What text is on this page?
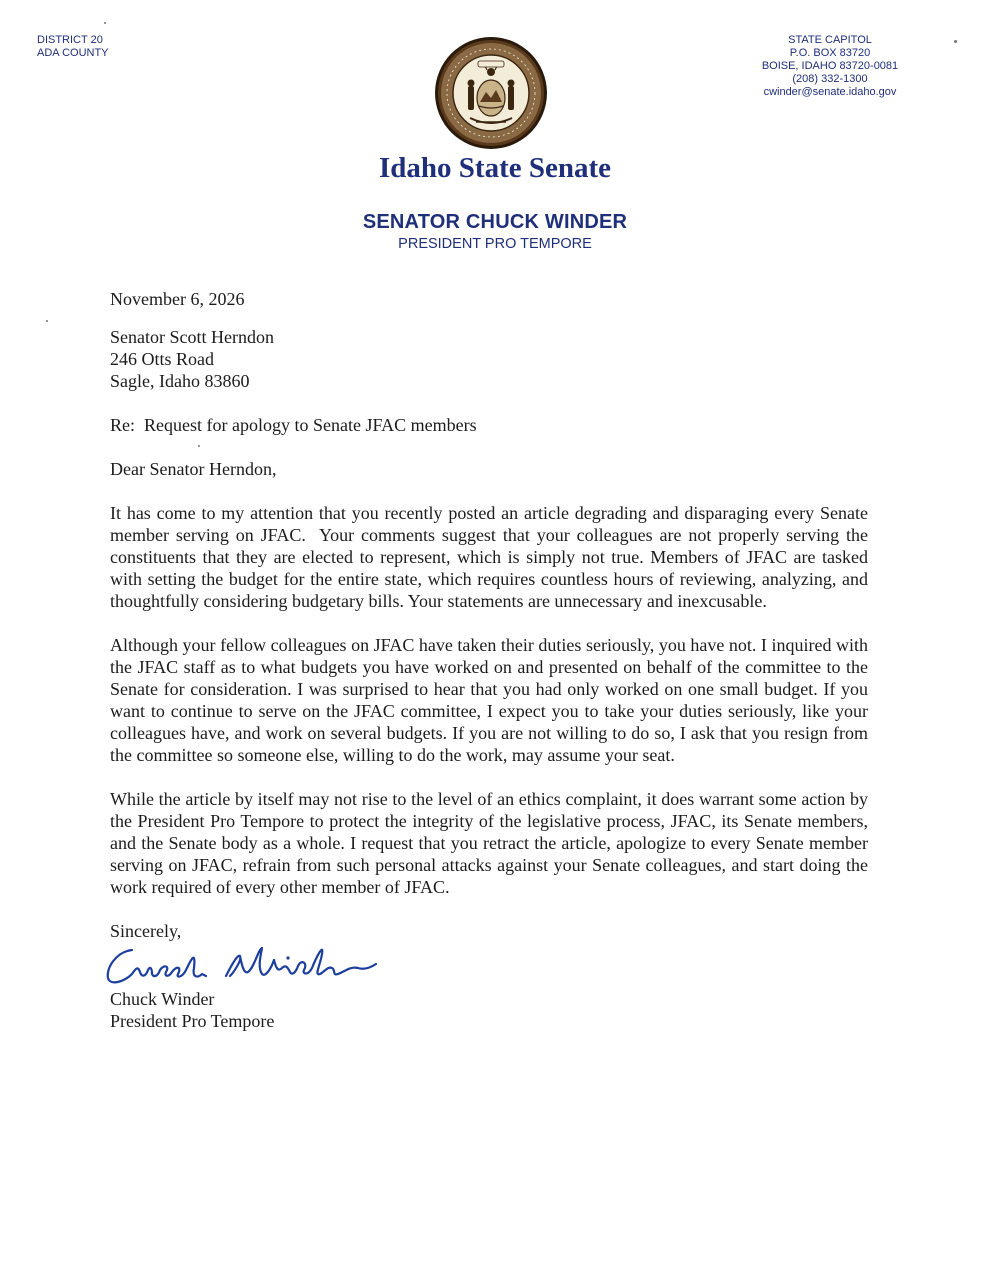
DISTRICT 20
ADA COUNTY
STATE CAPITOL
P.O. BOX 83720
BOISE, IDAHO 83720-0081
(208) 332-1300
cwinder@senate.idaho.gov
Idaho State Senate
SENATOR CHUCK WINDER
PRESIDENT PRO TEMPORE

November 6, 2026

Senator Scott Herndon

246 Otts Road

Sagle, Idaho 83860

Re:  Request for apology to Senate JFAC members

Dear Senator Herndon,

It has come to my attention that you recently posted an article degrading and disparaging every Senate member serving on JFAC.  Your comments suggest that your colleagues are not properly serving the constituents that they are elected to represent, which is simply not true. Members of JFAC are tasked with setting the budget for the entire state, which requires countless hours of reviewing, analyzing, and thoughtfully considering budgetary bills. Your statements are unnecessary and inexcusable.

Although your fellow colleagues on JFAC have taken their duties seriously, you have not. I inquired with the JFAC staff as to what budgets you have worked on and presented on behalf of the committee to the Senate for consideration. I was surprised to hear that you had only worked on one small budget. If you want to continue to serve on the JFAC committee, I expect you to take your duties seriously, like your colleagues have, and work on several budgets. If you are not willing to do so, I ask that you resign from the committee so someone else, willing to do the work, may assume your seat.

While the article by itself may not rise to the level of an ethics complaint, it does warrant some action by the President Pro Tempore to protect the integrity of the legislative process, JFAC, its Senate members, and the Senate body as a whole. I request that you retract the article, apologize to every Senate member serving on JFAC, refrain from such personal attacks against your Senate colleagues, and start doing the work required of every other member of JFAC.

Sincerely,

Chuck Winder

President Pro Tempore
